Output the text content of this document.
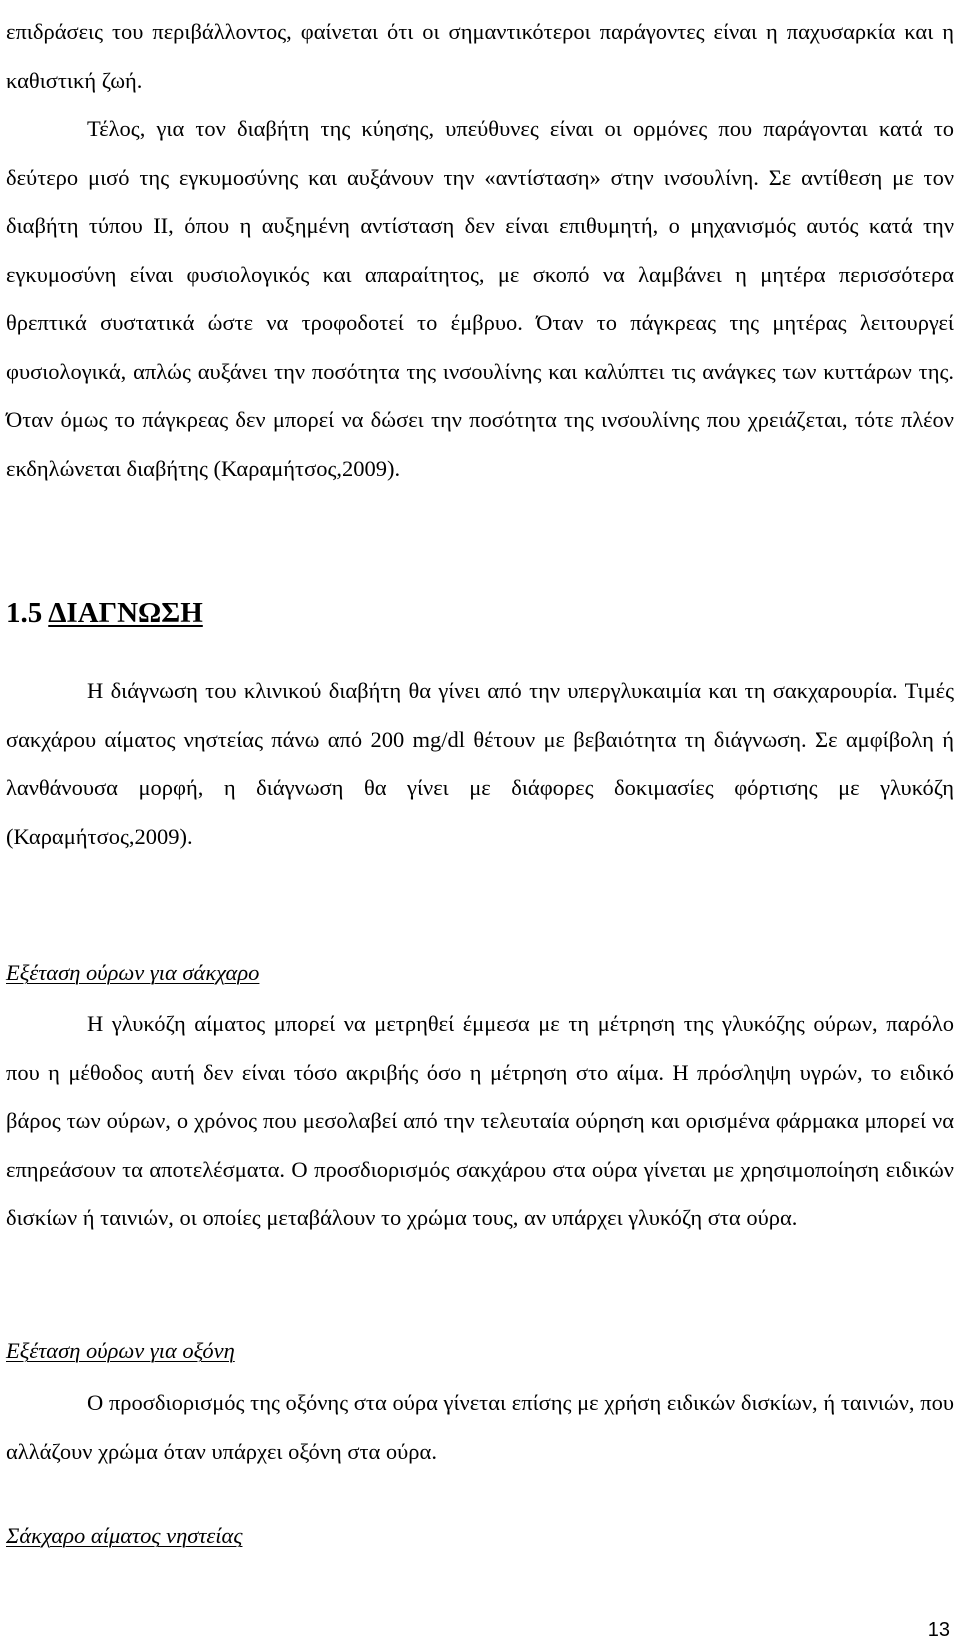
επιδράσεις του περιβάλλοντος, φαίνεται ότι οι σημαντικότεροι παράγοντες είναι η παχυσαρκία και η καθιστική ζωή.

Τέλος, για τον διαβήτη της κύησης, υπεύθυνες είναι οι ορμόνες που παράγονται κατά το δεύτερο μισό της εγκυμοσύνης και αυξάνουν την «αντίσταση» στην ινσουλίνη. Σε αντίθεση με τον διαβήτη τύπου ΙΙ, όπου η αυξημένη αντίσταση δεν είναι επιθυμητή, ο μηχανισμός αυτός κατά την εγκυμοσύνη είναι φυσιολογικός και απαραίτητος, με σκοπό να λαμβάνει η μητέρα περισσότερα θρεπτικά συστατικά ώστε να τροφοδοτεί το έμβρυο. Όταν το πάγκρεας της μητέρας λειτουργεί φυσιολογικά, απλώς αυξάνει την ποσότητα της ινσουλίνης και καλύπτει τις ανάγκες των κυττάρων της. Όταν όμως το πάγκρεας δεν μπορεί να δώσει την ποσότητα της ινσουλίνης που χρειάζεται, τότε πλέον εκδηλώνεται διαβήτης (Καραμήτσος,2009).

1.5 ΔΙΑΓΝΩΣΗ

Η διάγνωση του κλινικού διαβήτη θα γίνει από την υπεργλυκαιμία και τη σακχαρουρία. Τιμές σακχάρου αίματος νηστείας πάνω από 200 mg/dl θέτουν με βεβαιότητα τη διάγνωση. Σε αμφίβολη ή λανθάνουσα μορφή, η διάγνωση θα γίνει με διάφορες δοκιμασίες φόρτισης με γλυκόζη (Καραμήτσος,2009).

Εξέταση ούρων για σάκχαρο

Η γλυκόζη αίματος μπορεί να μετρηθεί έμμεσα με τη μέτρηση της γλυκόζης ούρων, παρόλο που η μέθοδος αυτή δεν είναι τόσο ακριβής όσο η μέτρηση στο αίμα. Η πρόσληψη υγρών, το ειδικό βάρος των ούρων, ο χρόνος που μεσολαβεί από την τελευταία ούρηση και ορισμένα φάρμακα μπορεί να επηρεάσουν τα αποτελέσματα. Ο προσδιορισμός σακχάρου στα ούρα γίνεται με χρησιμοποίηση ειδικών δισκίων ή ταινιών, οι οποίες μεταβάλουν το χρώμα τους, αν υπάρχει γλυκόζη στα ούρα.

Εξέταση ούρων για οξόνη

Ο προσδιορισμός της οξόνης στα ούρα γίνεται επίσης με χρήση ειδικών δισκίων, ή ταινιών, που αλλάζουν χρώμα όταν υπάρχει οξόνη στα ούρα.

Σάκχαρο αίματος νηστείας

13
